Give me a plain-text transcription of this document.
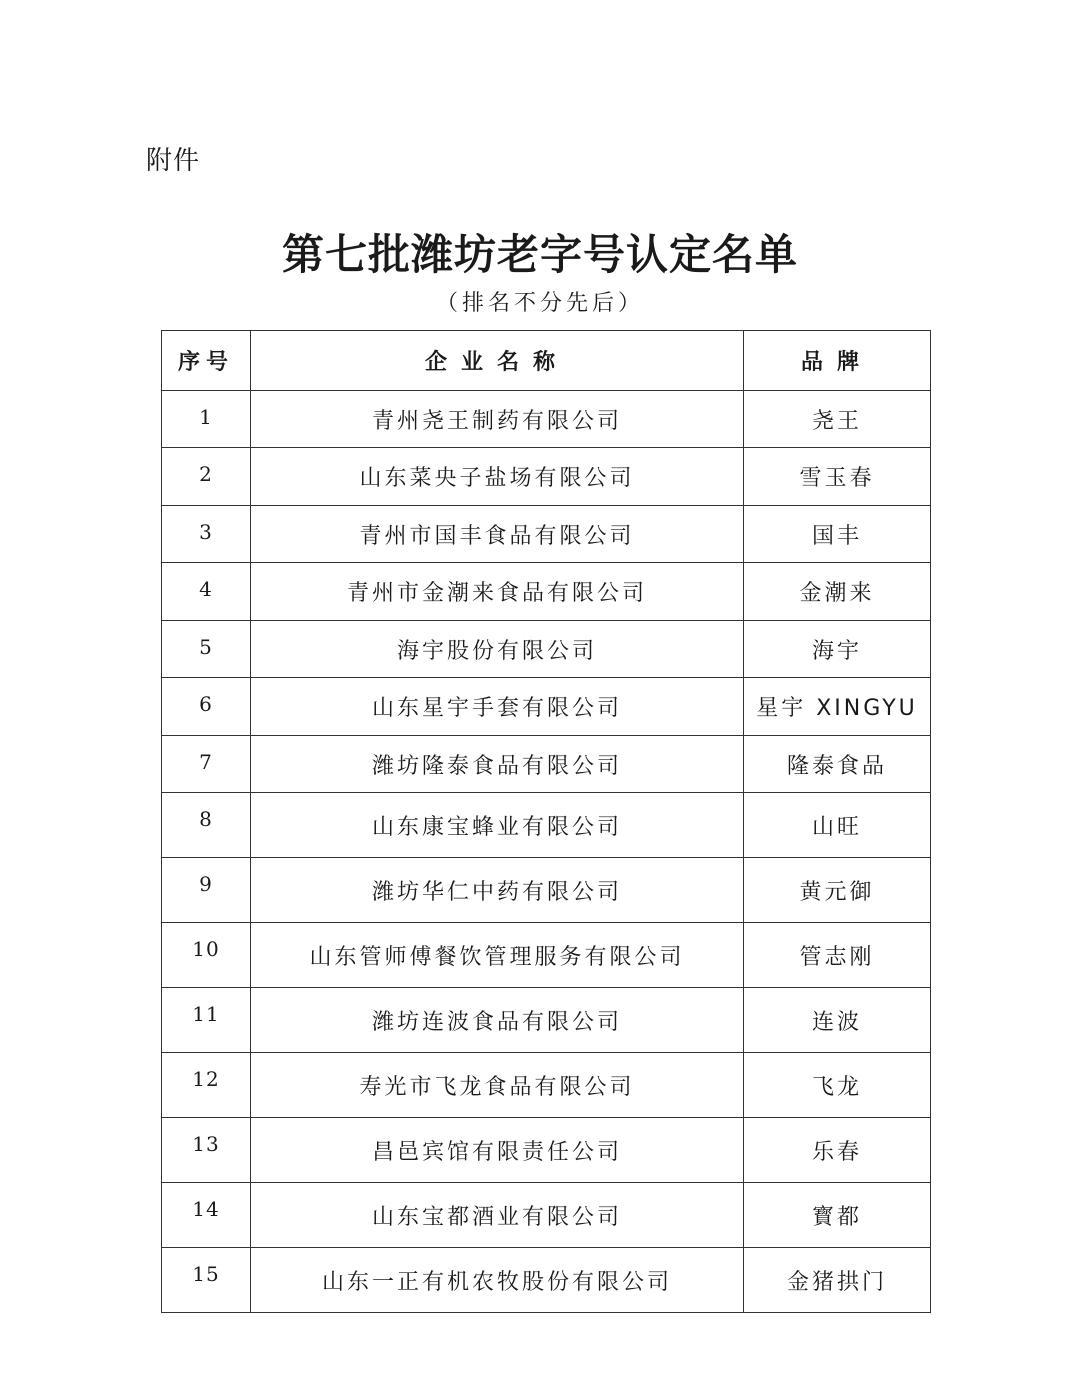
附件
第七批潍坊老字号认定名单
（排名不分先后）
序号	企业名称	品牌
1	青州尧王制药有限公司	尧王
2	山东菜央子盐场有限公司	雪玉春
3	青州市国丰食品有限公司	国丰
4	青州市金潮来食品有限公司	金潮来
5	海宇股份有限公司	海宇
6	山东星宇手套有限公司	星宇 XINGYU
7	潍坊隆泰食品有限公司	隆泰食品
8	山东康宝蜂业有限公司	山旺
9	潍坊华仁中药有限公司	黄元御
10	山东管师傅餐饮管理服务有限公司	管志刚
11	潍坊连波食品有限公司	连波
12	寿光市飞龙食品有限公司	飞龙
13	昌邑宾馆有限责任公司	乐春
14	山东宝都酒业有限公司	寳都
15	山东一正有机农牧股份有限公司	金猪拱门
